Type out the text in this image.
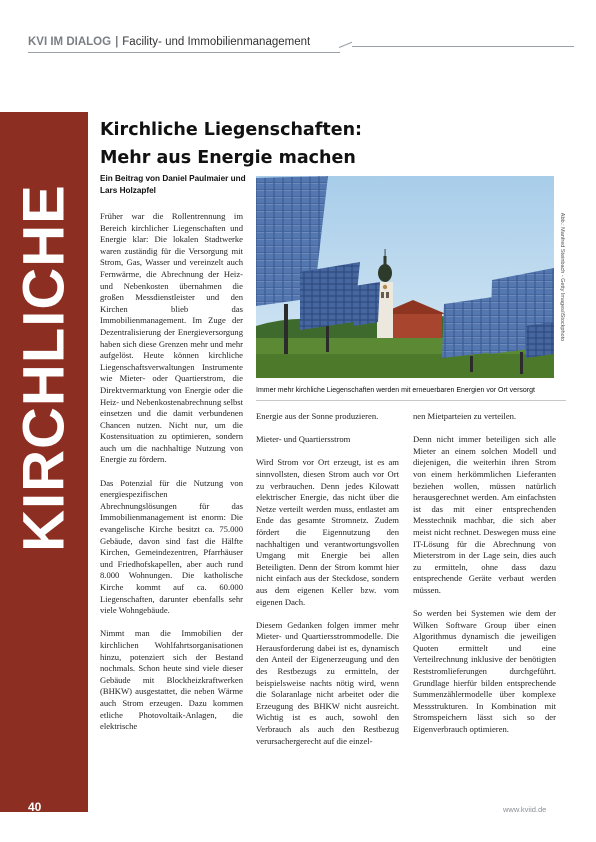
KVI IM DIALOG | Facility- und Immobilienmanagement
KIRCHLICHE
40
Kirchliche Liegenschaften:
Mehr aus Energie machen
Ein Beitrag von Daniel Paulmaier und
Lars Holzapfel
Abb.: Manfred Steinbach - Getty Images/iStockphoto
Immer mehr kirchliche Liegenschaften werden mit erneuerbaren Energien vor Ort versorgt

Früher war die Rollentrennung im Bereich kirchlicher Liegenschaften und Energie klar: Die lokalen Stadtwerke waren zuständig für die Versorgung mit Strom, Gas, Wasser und vereinzelt auch Fernwärme, die Abrechnung der Heiz- und Nebenkosten übernahmen die großen Messdienstleister und den Kirchen blieb das Immobilienmanagement. Im Zuge der Dezentralisierung der Energieversorgung haben sich diese Grenzen mehr und mehr aufgelöst. Heute können kirchliche Liegenschaftsverwaltungen Instrumente wie Mieter- oder Quartierstrom, die Direktvermarktung von Energie oder die Heiz- und Nebenkostenabrechnung selbst einsetzen und die damit verbundenen Chancen nutzen. Nicht nur, um die Kostensituation zu optimieren, sondern auch um die nachhaltige Nutzung von Energie zu fördern.

Das Potenzial für die Nutzung von energiespezifischen Abrechnungslösungen für das Immobilienmanagement ist enorm: Die evangelische Kirche besitzt ca. 75.000 Gebäude, davon sind fast die Hälfte Kirchen, Gemeindezentren, Pfarrhäuser und Friedhofskapellen, aber auch rund 8.000 Wohnungen. Die katholische Kirche kommt auf ca. 60.000 Liegenschaften, darunter ebenfalls sehr viele Wohngebäude.

Nimmt man die Immobilien der kirchlichen Wohlfahrtsorganisationen hinzu, potenziert sich der Bestand nochmals. Schon heute sind viele dieser Gebäude mit Blockheizkraftwerken (BHKW) ausgestattet, die neben Wärme auch Strom erzeugen. Dazu kommen etliche Photovoltaik-Anlagen, die elektrische

Energie aus der Sonne produzieren.

Mieter- und Quartiersstrom

Wird Strom vor Ort erzeugt, ist es am sinnvollsten, diesen Strom auch vor Ort zu verbrauchen. Denn jedes Kilowatt elektrischer Energie, das nicht über die Netze verteilt werden muss, entlastet am Ende das gesamte Stromnetz. Zudem fördert die Eigennutzung den nachhaltigen und verantwortungsvollen Umgang mit Energie bei allen Beteiligten. Denn der Strom kommt hier nicht einfach aus der Steckdose, sondern aus dem eigenen Keller bzw. vom eigenen Dach.

Diesem Gedanken folgen immer mehr Mieter- und Quartiersstrommodelle. Die Herausforderung dabei ist es, dynamisch den Anteil der Eigenerzeugung und den des Restbezugs zu ermitteln, der beispielsweise nachts nötig wird, wenn die Solaranlage nicht arbeitet oder die Erzeugung des BHKW nicht ausreicht. Wichtig ist es auch, sowohl den Verbrauch als auch den Restbezug verursachergerecht auf die einzel-

nen Mietparteien zu verteilen.

Denn nicht immer beteiligen sich alle Mieter an einem solchen Modell und diejenigen, die weiterhin ihren Strom von einem herkömmlichen Lieferanten beziehen wollen, müssen natürlich herausgerechnet werden. Am einfachsten ist das mit einer entsprechenden Messtechnik machbar, die sich aber meist nicht rechnet. Deswegen muss eine IT-Lösung für die Abrechnung von Mieterstrom in der Lage sein, dies auch zu ermitteln, ohne dass dazu entsprechende Geräte verbaut werden müssen.

So werden bei Systemen wie dem der Wilken Software Group über einen Algorithmus dynamisch die jeweiligen Quoten ermittelt und eine Verteilrechnung inklusive der benötigten Reststromlieferungen durchgeführt. Grundlage hierfür bilden entsprechende Summenzählermodelle über komplexe Messstrukturen. In Kombination mit Stromspeichern lässt sich so der Eigenverbrauch optimieren.

www.kviid.de
